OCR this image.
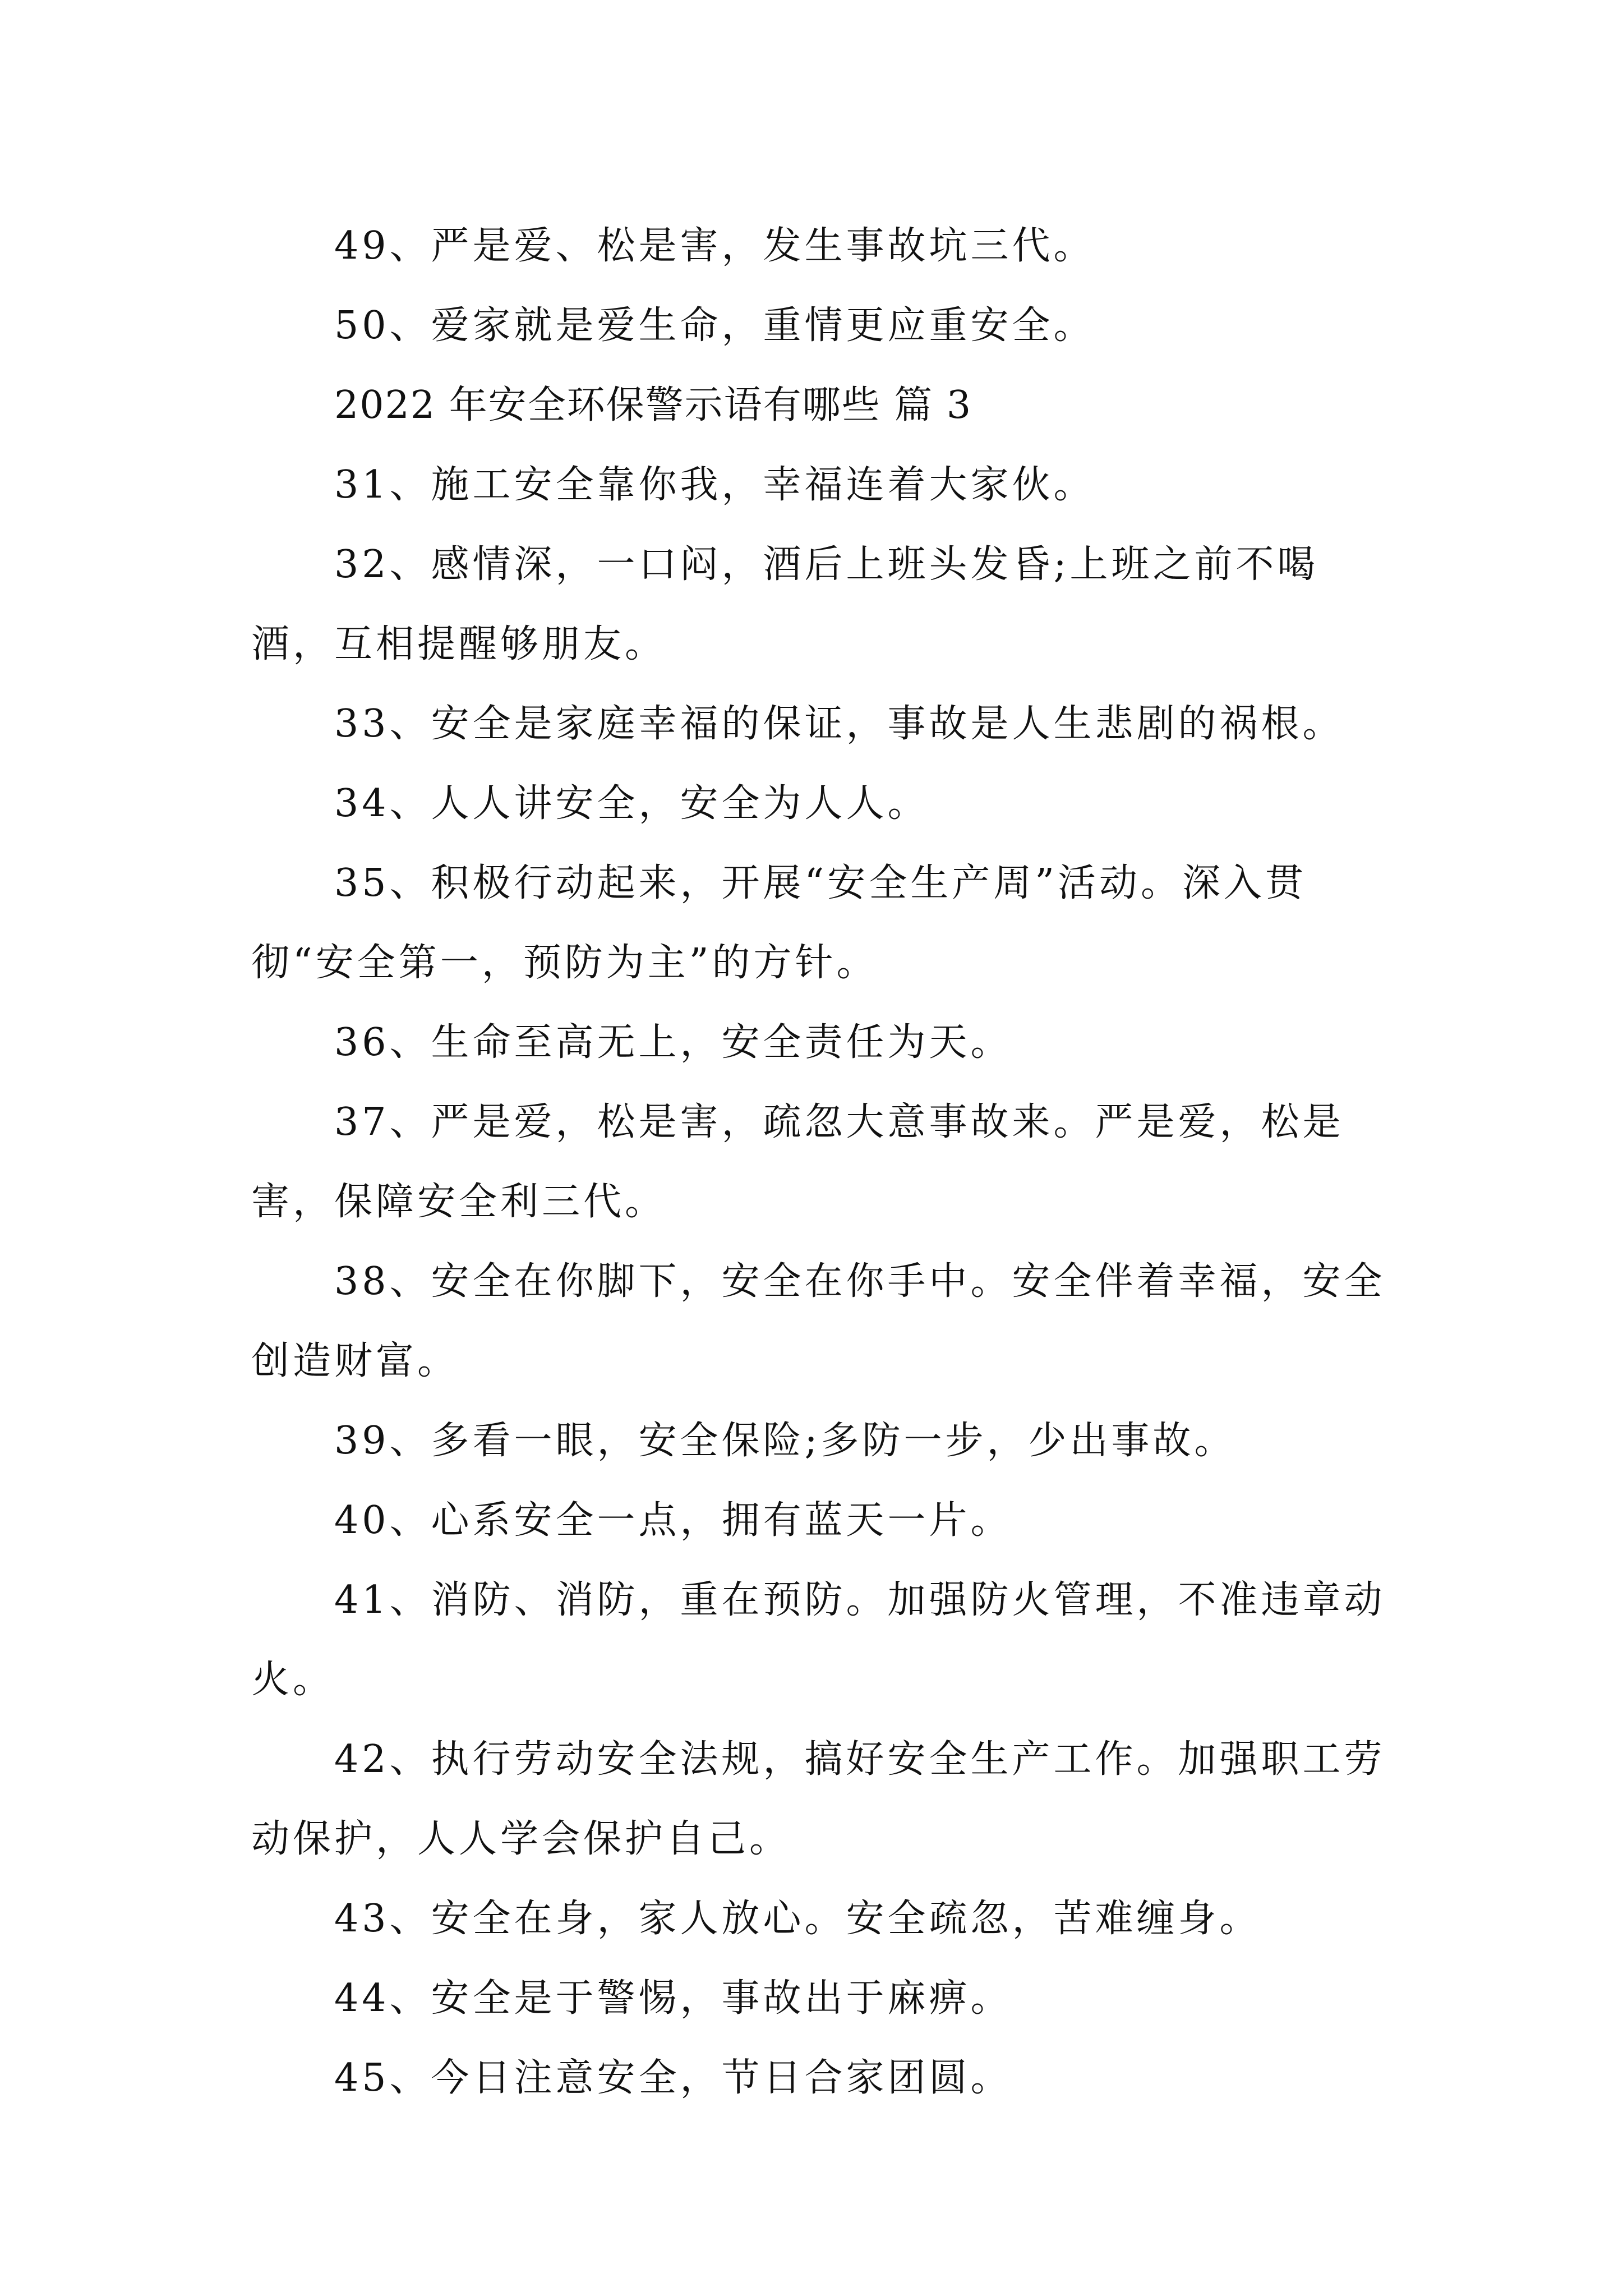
49、严是爱、松是害，发生事故坑三代。

50、爱家就是爱生命，重情更应重安全。

2022 年安全环保警示语有哪些 篇 3

31、施工安全靠你我，幸福连着大家伙。

32、感情深，一口闷，酒后上班头发昏;上班之前不喝酒，互相提醒够朋友。

33、安全是家庭幸福的保证，事故是人生悲剧的祸根。

34、人人讲安全，安全为人人。

35、积极行动起来，开展“安全生产周”活动。深入贯彻“安全第一，预防为主”的方针。

36、生命至高无上，安全责任为天。

37、严是爱，松是害，疏忽大意事故来。严是爱，松是害，保障安全利三代。

38、安全在你脚下，安全在你手中。安全伴着幸福，安全创造财富。

39、多看一眼，安全保险;多防一步，少出事故。

40、心系安全一点，拥有蓝天一片。

41、消防、消防，重在预防。加强防火管理，不准违章动火。

42、执行劳动安全法规，搞好安全生产工作。加强职工劳动保护，人人学会保护自己。

43、安全在身，家人放心。安全疏忽，苦难缠身。

44、安全是于警惕，事故出于麻痹。

45、今日注意安全，节日合家团圆。
